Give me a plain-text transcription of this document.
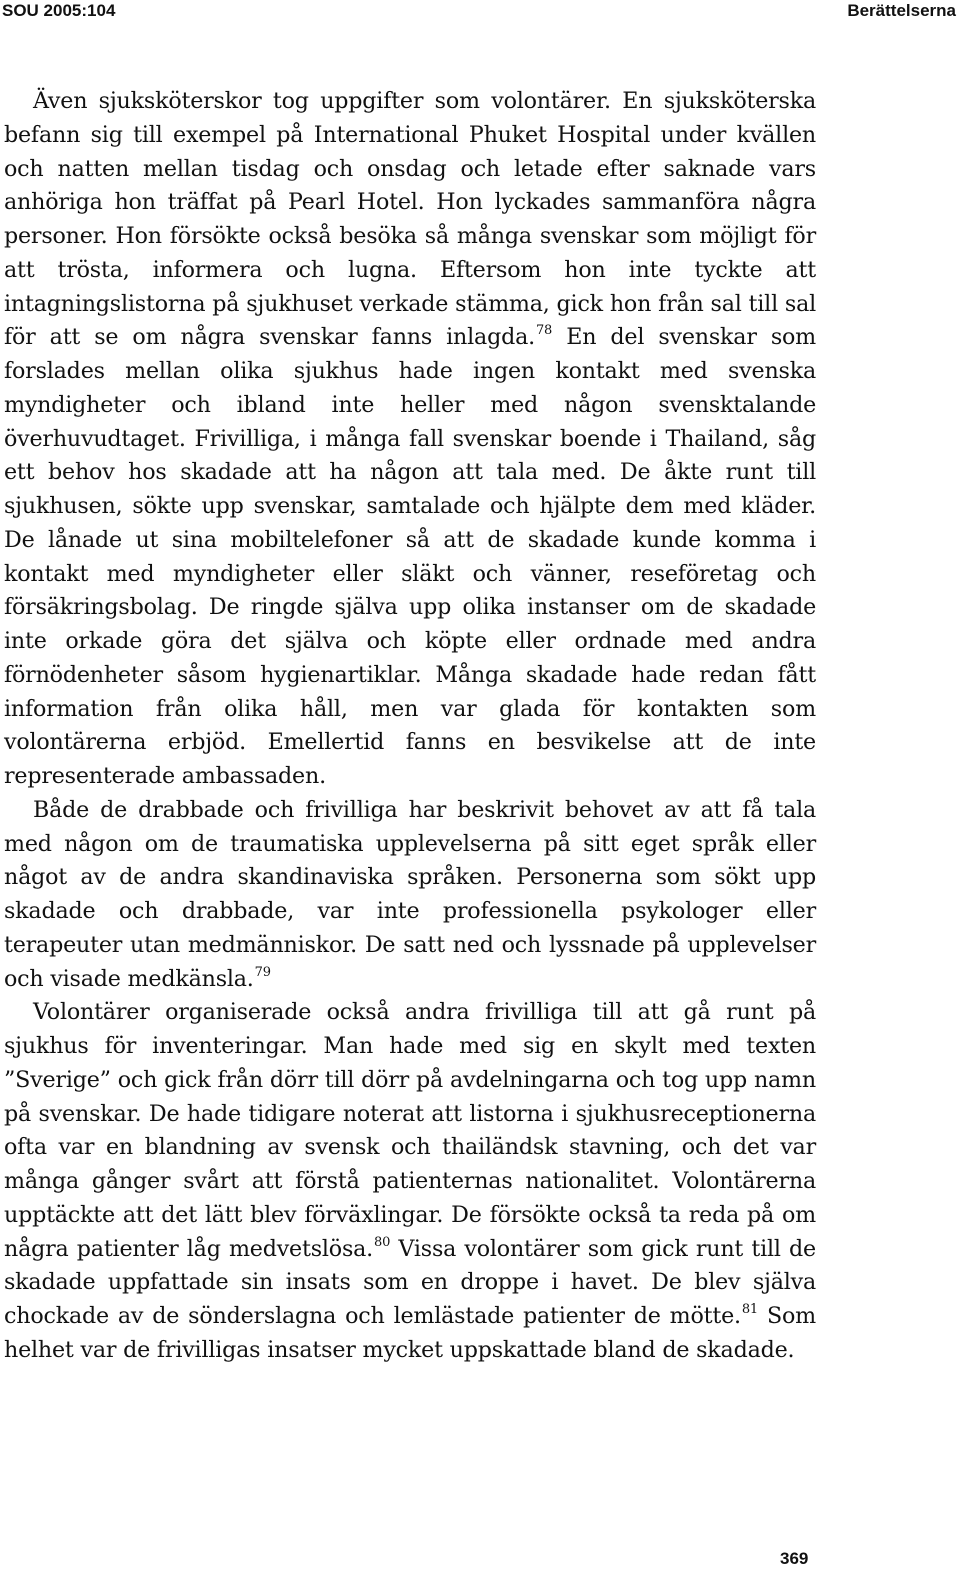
SOU 2005:104	Berättelserna

Även sjuksköterskor tog uppgifter som volontärer. En sjuksköterska befann sig till exempel på International Phuket Hospital under kvällen och natten mellan tisdag och onsdag och letade efter saknade vars anhöriga hon träffat på Pearl Hotel. Hon lyckades sammanföra några personer. Hon försökte också besöka så många svenskar som möjligt för att trösta, informera och lugna. Eftersom hon inte tyckte att intagningslistorna på sjukhuset verkade stämma, gick hon från sal till sal för att se om några svenskar fanns inlagda.$^{78}$ En del svenskar som forslades mellan olika sjukhus hade ingen kontakt med svenska myndigheter och ibland inte heller med någon svensktalande överhuvudtaget. Frivilliga, i många fall svenskar boende i Thailand, såg ett behov hos skadade att ha någon att tala med. De åkte runt till sjukhusen, sökte upp svenskar, samtalade och hjälpte dem med kläder. De lånade ut sina mobiltelefoner så att de skadade kunde komma i kontakt med myndigheter eller släkt och vänner, reseföretag och försäkringsbolag. De ringde själva upp olika instanser om de skadade inte orkade göra det själva och köpte eller ordnade med andra förnödenheter såsom hygienartiklar. Många skadade hade redan fått information från olika håll, men var glada för kontakten som volontärerna erbjöd. Emellertid fanns en besvikelse att de inte representerade ambassaden.

Både de drabbade och frivilliga har beskrivit behovet av att få tala med någon om de traumatiska upplevelserna på sitt eget språk eller något av de andra skandinaviska språken. Personerna som sökt upp skadade och drabbade, var inte professionella psykologer eller terapeuter utan medmänniskor. De satt ned och lyssnade på upplevelser och visade medkänsla.$^{79}$

Volontärer organiserade också andra frivilliga till att gå runt på sjukhus för inventeringar. Man hade med sig en skylt med texten ”Sverige” och gick från dörr till dörr på avdelningarna och tog upp namn på svenskar. De hade tidigare noterat att listorna i sjukhusreceptionerna ofta var en blandning av svensk och thailändsk stavning, och det var många gånger svårt att förstå patienternas nationalitet. Volontärerna upptäckte att det lätt blev förväxlingar. De försökte också ta reda på om några patienter låg medvetslösa.$^{80}$ Vissa volontärer som gick runt till de skadade uppfattade sin insats som en droppe i havet. De blev själva chockade av de sönderslagna och lemlästade patienter de mötte.$^{81}$ Som helhet var de frivilligas insatser mycket uppskattade bland de skadade.

369
